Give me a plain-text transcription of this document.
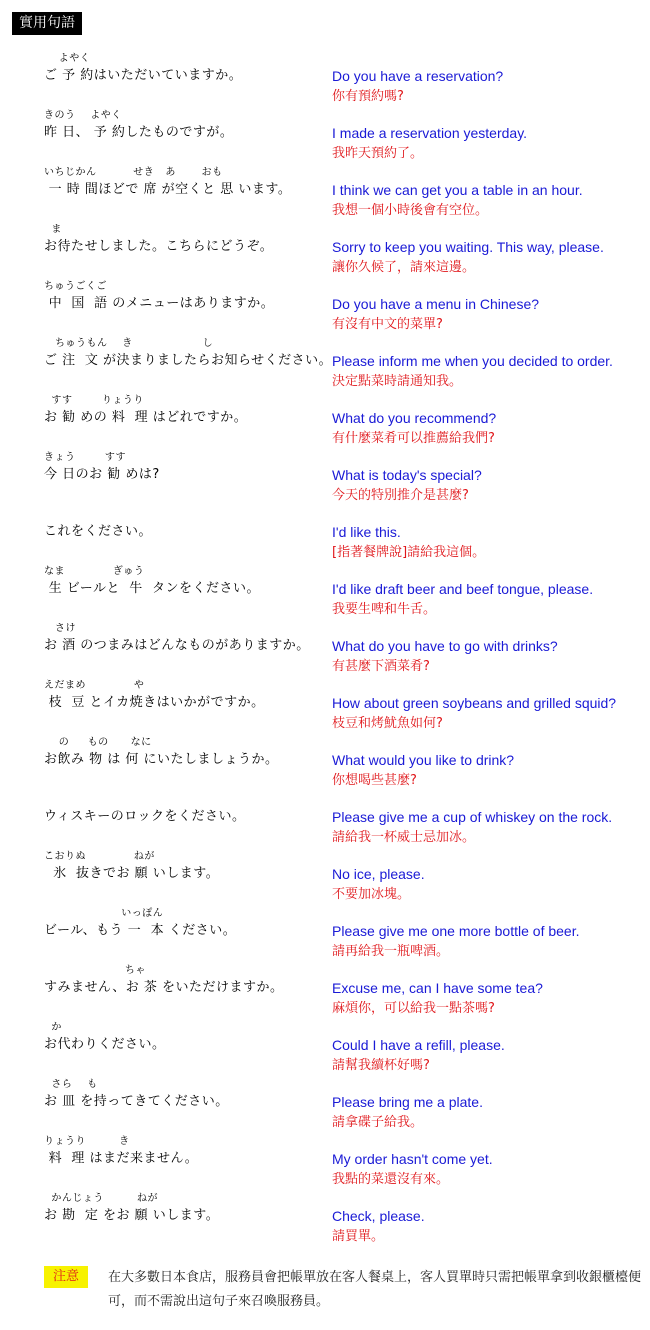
實用句語
よやく
ご 予 約はいただいていますか。	Do you have a reservation?
你有預約嗎?
きのう    よやく
昨 日、 予 約したものですが。	I made a reservation yesterday.
我昨天預約了。
いちじかん          せき   あ       おも
一 時 間ほどで 席 が空くと 思 います。	I think we can get you a table in an hour.
我想一個小時後會有空位。
ま
お待たせしました。こちらにどうぞ。	Sorry to keep you waiting. This way, please.
讓你久候了，請來這邊。
ちゅうごくご
中  国  語 のメニューはありますか。	Do you have a menu in Chinese?
有沒有中文的菜單?
ちゅうもん    き                   し
ご 注  文 が決まりましたらお知らせください。 Please inform me when you decided to order.
決定點菜時請通知我。
すす        りょうり
お 勧 めの 料  理 はどれですか。	What do you recommend?
有什麼菜肴可以推薦給我們?
きょう        すす
今 日のお 勧 めは?	What is today's special?
今天的特別推介是甚麼?
これをください。	I'd like this.
[指著餐牌說]請給我這個。
なま             ぎゅう
生 ビールと  牛  タンをください。	I'd like draft beer and beef tongue, please.
我要生啤和牛舌。
さけ
お 酒 のつまみはどんなものがありますか。 What do you have to go with drinks?
有甚麼下酒菜肴?
えだまめ             や
枝  豆 とイカ焼きはいかがですか。	How about green soybeans and grilled squid?
枝豆和烤魷魚如何?
の     もの      なに
お飲み 物 は 何 にいたしましょうか。	What would you like to drink?
你想喝些甚麼?
ウィスキーのロックをください。	Please give me a cup of whiskey on the rock.
請給我一杯威士忌加冰。
こおりぬ             ねが
氷  抜きでお 願 いします。	No ice, please.
不要加冰塊。
いっぽん
ビール、もう 一  本 ください。	Please give me one more bottle of beer.
請再給我一瓶啤酒。
ちゃ
すみません、お 茶 をいただけますか。	Excuse me, can I have some tea?
麻煩你，可以給我一點茶嗎?
か
お代わりください。	Could I have a refill, please.
請幫我續杯好嗎?
さら    も
お 皿 を持ってきてください。	Please bring me a plate.
請拿碟子給我。
りょうり         き
料  理 はまだ来ません。	My order hasn't come yet.
我點的菜還沒有來。
かんじょう         ねが
お 勘  定 をお 願 いします。	Check, please.
請買單。
注意	在大多數日本食店，服務員會把帳單放在客人餐桌上，客人買單時只需把帳單拿到收銀櫃檯便可，而不需說出這句子來召喚服務員。
